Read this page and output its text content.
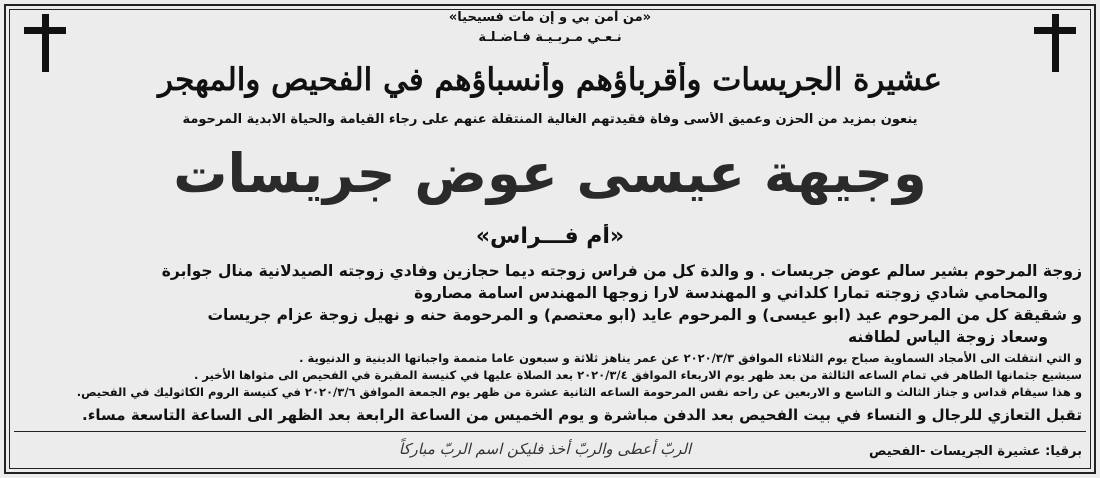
«من آمن بي و إن مات فسيحيا»
نـعـي مـربـيـة فـاضـلـة
عشيرة الجريسات وأقرباؤهم وأنسباؤهم في الفحيص والمهجر
ينعون بمزيد من الحزن وعميق الأسى وفاة فقيدتهم الغالية المنتقلة عنهم على رجاء القيامة والحياة الابدية المرحومة
وجيهة عيسى عوض جريسات
«أم فـــراس»
زوجة المرحوم بشير سالم عوض جريسات . و والدة كل من فراس زوجته ديما حجازين وفادي زوجته الصيدلانية منال جوابرة
والمحامي شادي زوجته تمارا كلداني و المهندسة لارا زوجها المهندس اسامة مصاروة
و شقيقة كل من المرحوم عيد (ابو عيسى) و المرحوم عايد (ابو معتصم) و المرحومة حنه و نهيل زوجة عزام جريسات
وسعاد زوجة الياس لطافنه
و التي انتقلت الى الأمجاد السماوية صباح يوم الثلاثاء الموافق ٢٠٢٠/٣/٣ عن عمر يناهز ثلاثة و سبعون عاما متممة واجباتها الدينية و الدنيوية .
سيشيع جثمانها الطاهر في تمام الساعه الثالثة من بعد ظهر يوم الاربعاء الموافق ٢٠٢٠/٣/٤ بعد الصلاة عليها في كنيسة المقبرة في الفحيص الى مثواها الأخير .
و هذا سيقام قداس و جناز الثالث و التاسع و الاربعين عن راحه نفس المرحومة الساعه الثانية عشرة من ظهر يوم الجمعة الموافق ٢٠٢٠/٣/٦ في كنيسة الروم الكاثوليك في الفحيص.
تقبل التعازي للرجال و النساء في بيت الفحيص بعد الدفن مباشرة و يوم الخميس من الساعة الرابعة بعد الظهر الى الساعة التاسعة مساء.
برقيا: عشيرة الجريسات -الفحيص
الربّ أعطى والربّ أخذ فليكن اسم الربّ مباركاً
